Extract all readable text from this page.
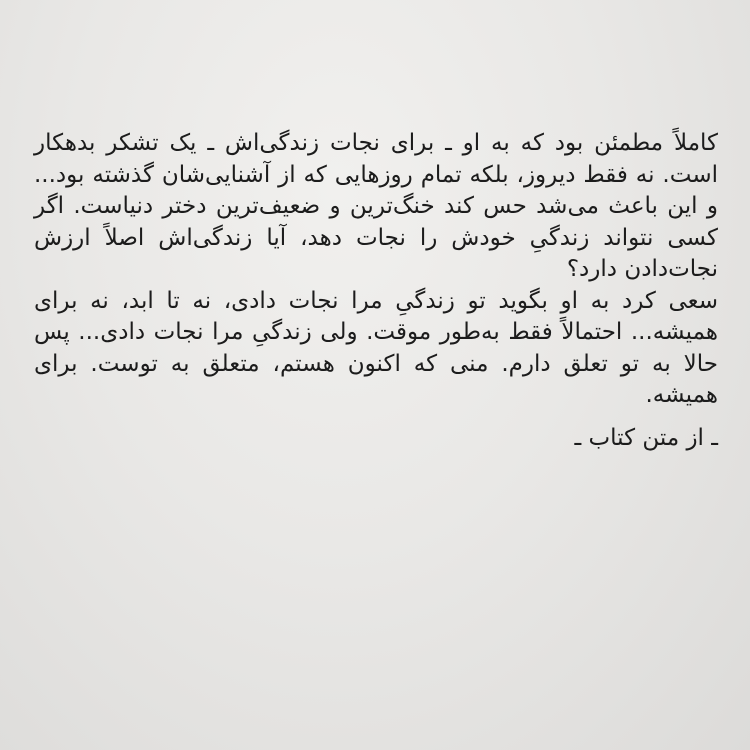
کاملاً مطمئن بود که به او ـ برای نجات زندگی‌اش ـ یک تشکر بدهکار است. نه فقط دیروز، بلکه تمام روزهایی که از آشنایی‌شان گذشته بود... و این باعث می‌شد حس کند خنگ‌ترین و ضعیف‌ترین دختر دنیاست. اگر کسی نتواند زندگیِ خودش را نجات دهد، آیا زندگی‌اش اصلاً ارزش نجات‌دادن دارد؟

سعی کرد به او بگوید تو زندگیِ مرا نجات دادی، نه تا ابد، نه برای همیشه... احتمالاً فقط به‌طور موقت. ولی زندگیِ مرا نجات دادی... پس حالا به تو تعلق دارم. منی که اکنون هستم، متعلق به توست. برای همیشه.

ـ از متن کتاب ـ
